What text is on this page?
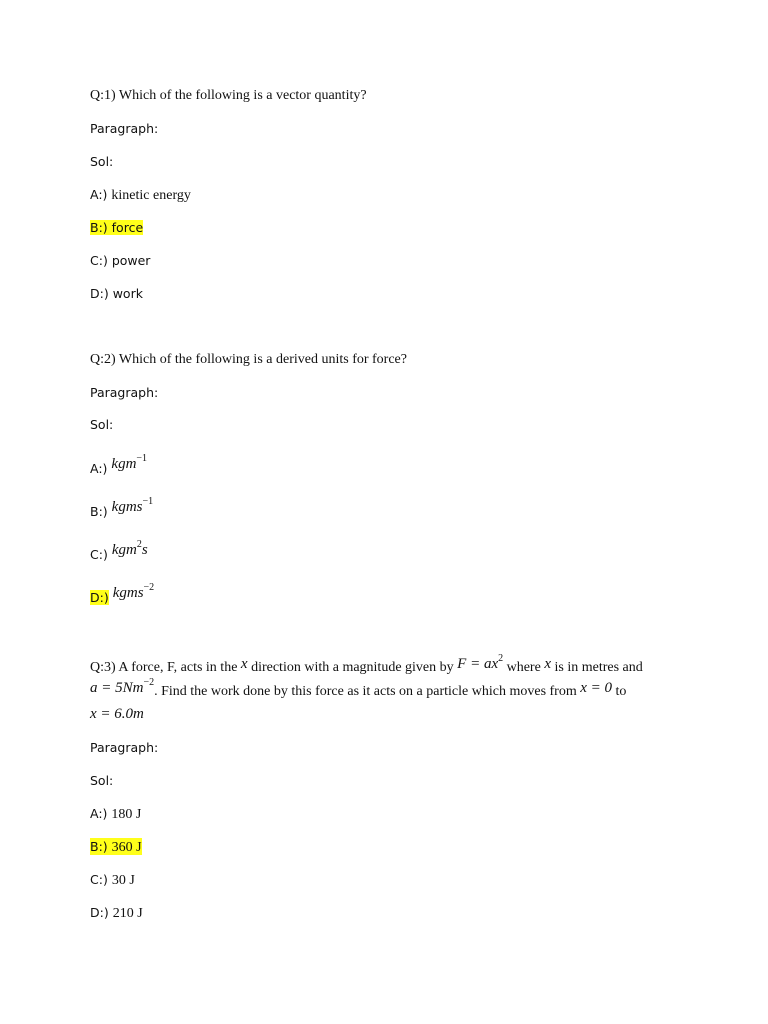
Q:1) Which of the following is a vector quantity?
Paragraph:
Sol:
A:) kinetic energy
B:) force
C:) power
D:) work
Q:2) Which of the following is a derived units for force?
Paragraph:
Sol:
$_{A:)}$ kgm$^{-1}$
$_{B:)}$ kgms$^{-1}$
$_{C:)}$ kgm$^2$s
$_{D:)}$ kgms$^{-2}$
Q:3) A force, F, acts in the x direction with a magnitude given by $F = ax^2$ where x is in metres and
$a = 5Nm^{-2}$. Find the work done by this force as it acts on a particle which moves from x = 0 to
x = 6.0m
Paragraph:
Sol:
A:) 180 J
B:) 360 J
C:) 30 J
D:) 210 J
